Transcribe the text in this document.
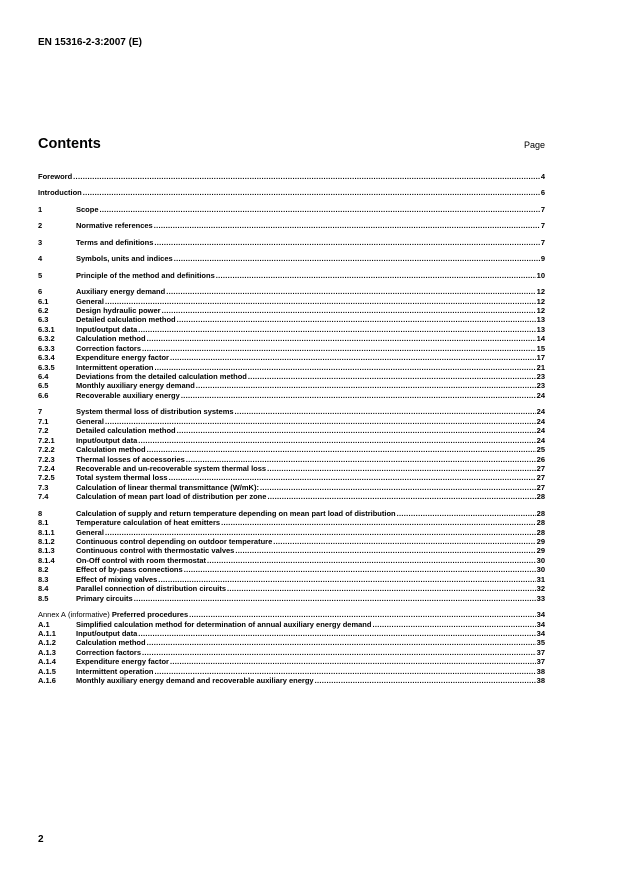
EN 15316-2-3:2007 (E)
Contents	Page
Foreword .....	4
Introduction .....	6
1	Scope .....	7
2	Normative references .....	7
3	Terms and definitions .....	7
4	Symbols, units and indices .....	9
5	Principle of the method and definitions .....	10
6	Auxiliary energy demand .....	12
6.1	General .....	12
6.2	Design hydraulic power .....	12
6.3	Detailed calculation method .....	13
6.3.1	Input/output data .....	13
6.3.2	Calculation method .....	14
6.3.3	Correction factors .....	15
6.3.4	Expenditure energy factor .....	17
6.3.5	Intermittent operation .....	21
6.4	Deviations from the detailed calculation method .....	23
6.5	Monthly auxiliary energy demand .....	23
6.6	Recoverable auxiliary energy .....	24
7	System thermal loss of distribution systems .....	24
7.1	General .....	24
7.2	Detailed calculation method .....	24
7.2.1	Input/output data .....	24
7.2.2	Calculation method .....	25
7.2.3	Thermal losses of accessories .....	26
7.2.4	Recoverable and un-recoverable system thermal loss .....	27
7.2.5	Total system thermal loss .....	27
7.3	Calculation of linear thermal transmittance (W/mK): .....	27
7.4	Calculation of mean part load of distribution per zone .....	28
8	Calculation of supply and return temperature depending on mean part load of distribution .....	28
8.1	Temperature calculation of heat emitters .....	28
8.1.1	General .....	28
8.1.2	Continuous control depending on outdoor temperature .....	29
8.1.3	Continuous control with thermostatic valves .....	29
8.1.4	On-Off control with room thermostat .....	30
8.2	Effect of by-pass connections .....	30
8.3	Effect of mixing valves .....	31
8.4	Parallel connection of distribution circuits .....	32
8.5	Primary circuits .....	33
Annex A (informative) Preferred procedures .....	34
A.1	Simplified calculation method for determination of annual auxiliary energy demand .....	34
A.1.1	Input/output data .....	34
A.1.2	Calculation method .....	35
A.1.3	Correction factors .....	37
A.1.4	Expenditure energy factor .....	37
A.1.5	Intermittent operation .....	38
A.1.6	Monthly auxiliary energy demand and recoverable auxiliary energy .....	38
2
